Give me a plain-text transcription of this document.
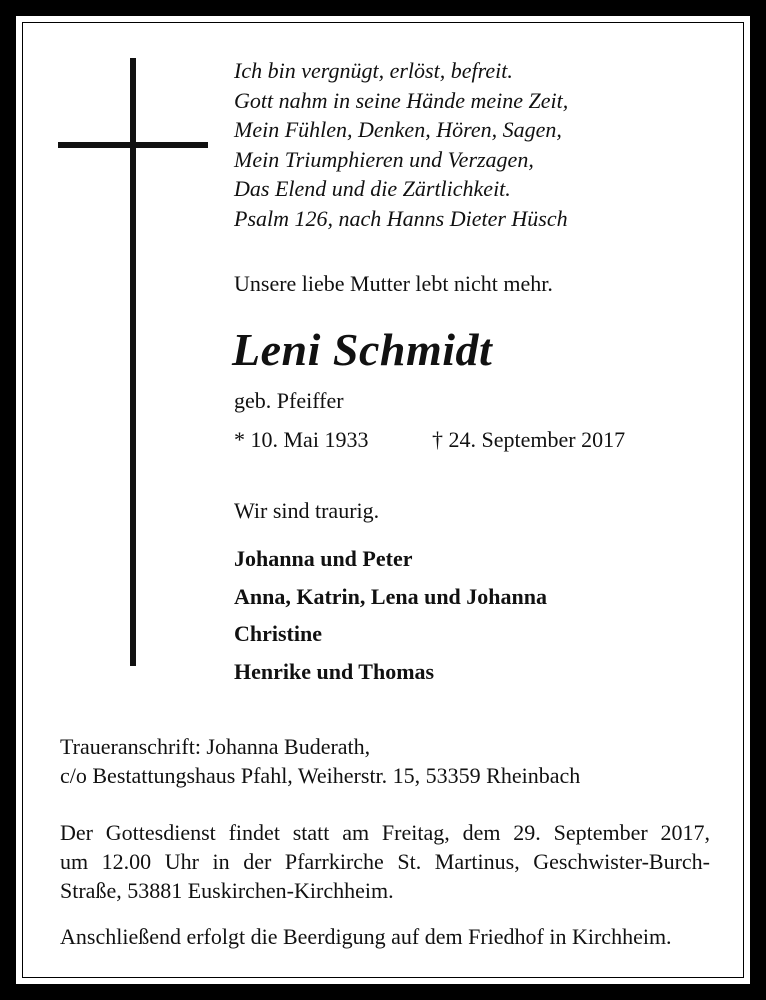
Ich bin vergnügt, erlöst, befreit.
Gott nahm in seine Hände meine Zeit,
Mein Fühlen, Denken, Hören, Sagen,
Mein Triumphieren und Verzagen,
Das Elend und die Zärtlichkeit.
Psalm 126, nach Hanns Dieter Hüsch
Unsere liebe Mutter lebt nicht mehr.
Leni Schmidt
geb. Pfeiffer
* 10. Mai 1933	† 24. September 2017
Wir sind traurig.
Johanna und Peter
Anna, Katrin, Lena und Johanna
Christine
Henrike und Thomas
Traueranschrift: Johanna Buderath,
c/o Bestattungshaus Pfahl, Weiherstr. 15, 53359 Rheinbach
Der Gottesdienst findet statt am Freitag, dem 29. September 2017,
um 12.00 Uhr in der Pfarrkirche St. Martinus, Geschwister-Burch-
Straße, 53881 Euskirchen-Kirchheim.
Anschließend erfolgt die Beerdigung auf dem Friedhof in Kirchheim.
